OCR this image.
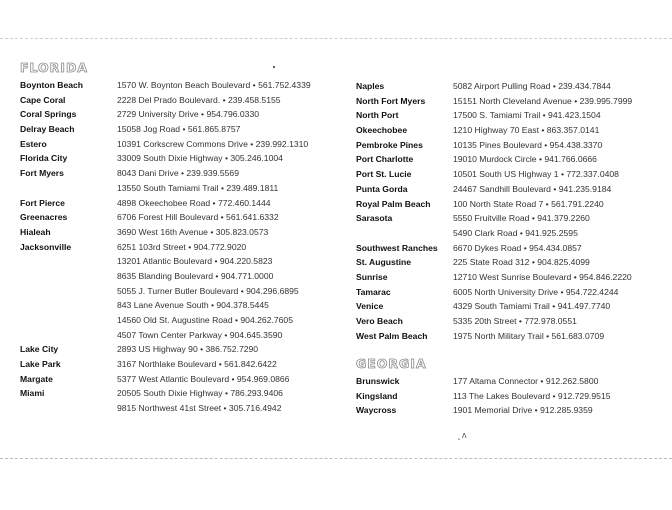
FLORIDA
Boynton Beach	1570 W. Boynton Beach Boulevard • 561.752.4339
Cape Coral	2228 Del Prado Boulevard. • 239.458.5155
Coral Springs	2729 University Drive • 954.796.0330
Delray Beach	15058 Jog Road • 561.865.8757
Estero	10391 Corkscrew Commons Drive • 239.992.1310
Florida City	33009 South Dixie Highway • 305.246.1004
Fort Myers	8043 Dani Drive • 239.939.5569
13550 South Tamiami Trail • 239.489.1811
Fort Pierce	4898 Okeechobee Road • 772.460.1444
Greenacres	6706 Forest Hill Boulevard • 561.641.6332
Hialeah	3690 West 16th Avenue • 305.823.0573
Jacksonville	6251 103rd Street • 904.772.9020
13201 Atlantic Boulevard • 904.220.5823
8635 Blanding Boulevard • 904.771.0000
5055 J. Turner Butler Boulevard • 904.296.6895
843 Lane Avenue South • 904.378.5445
14560 Old St. Augustine Road • 904.262.7605
4507 Town Center Parkway • 904.645.3590
Lake City	2893 US Highway 90 • 386.752.7290
Lake Park	3167 Northlake Boulevard • 561.842.6422
Margate	5377 West Atlantic Boulevard • 954.969.0866
Miami	20505 South Dixie Highway • 786.293.9406
9815 Northwest 41st Street • 305.716.4942
Naples	5082 Airport Pulling Road • 239.434.7844
North Fort Myers	15151 North Cleveland Avenue • 239.995.7999
North Port	17500 S. Tamiami Trail • 941.423.1504
Okeechobee	1210 Highway 70 East • 863.357.0141
Pembroke Pines	10135 Pines Boulevard • 954.438.3370
Port Charlotte	19010 Murdock Circle • 941.766.0666
Port St. Lucie	10501 South US Highway 1 • 772.337.0408
Punta Gorda	24467 Sandhill Boulevard • 941.235.9184
Royal Palm Beach	100 North State Road 7 • 561.791.2240
Sarasota	5550 Fruitville Road • 941.379.2260
5490 Clark Road • 941.925.2595
Southwest Ranches 6670 Dykes Road • 954.434.0857
St. Augustine	225 State Road 312 • 904.825.4099
Sunrise	12710 West Sunrise Boulevard • 954.846.2220
Tamarac	6005 North University Drive • 954.722.4244
Venice	4329 South Tamiami Trail • 941.497.7740
Vero Beach	5335 20th Street • 772.978.0551
West Palm Beach	1975 North Military Trail • 561.683.0709
GEORGIA
Brunswick	177 Altama Connector • 912.262.5800
Kingsland	113 The Lakes Boulevard • 912.729.9515
Waycross	1901 Memorial Drive • 912.285.9359
˛ʌ
